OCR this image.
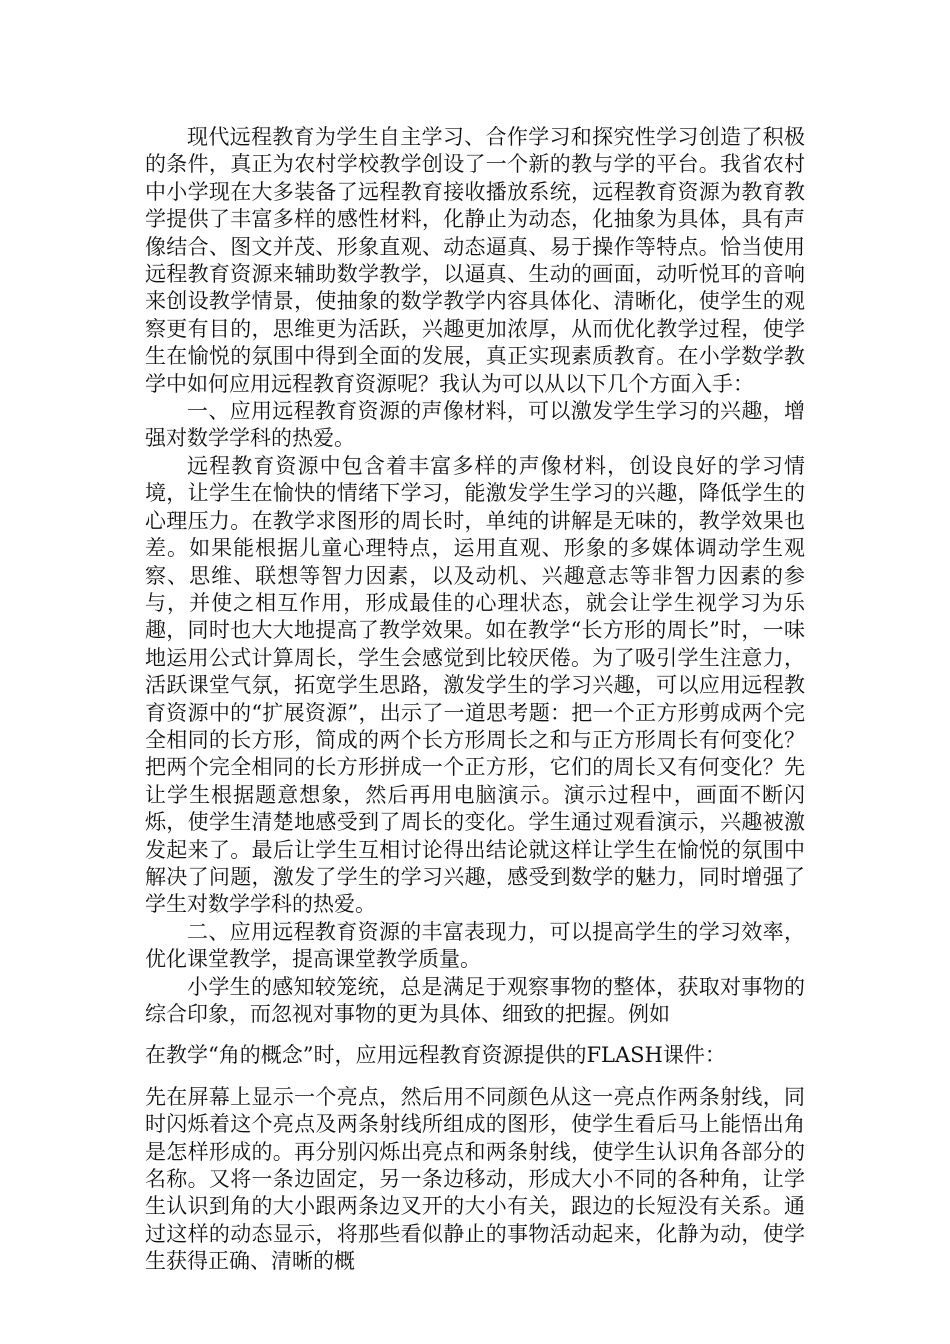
现代远程教育为学生自主学习、合作学习和探究性学习创造了积极的条件，真正为农村学校教学创设了一个新的教与学的平台。我省农村中小学现在大多装备了远程教育接收播放系统，远程教育资源为教育教学提供了丰富多样的感性材料，化静止为动态，化抽象为具体，具有声像结合、图文并茂、形象直观、动态逼真、易于操作等特点。恰当使用远程教育资源来辅助数学教学，以逼真、生动的画面，动听悦耳的音响来创设教学情景，使抽象的数学教学内容具体化、清晰化，使学生的观察更有目的，思维更为活跃，兴趣更加浓厚，从而优化教学过程，使学生在愉悦的氛围中得到全面的发展，真正实现素质教育。在小学数学教学中如何应用远程教育资源呢？我认为可以从以下几个方面入手：

一、应用远程教育资源的声像材料，可以激发学生学习的兴趣，增强对数学学科的热爱。

远程教育资源中包含着丰富多样的声像材料，创设良好的学习情境，让学生在愉快的情绪下学习，能激发学生学习的兴趣，降低学生的心理压力。在教学求图形的周长时，单纯的讲解是无味的，教学效果也差。如果能根据儿童心理特点，运用直观、形象的多媒体调动学生观察、思维、联想等智力因素，以及动机、兴趣意志等非智力因素的参与，并使之相互作用，形成最佳的心理状态，就会让学生视学习为乐趣，同时也大大地提高了教学效果。如在教学“长方形的周长”时，一味地运用公式计算周长，学生会感觉到比较厌倦。为了吸引学生注意力，活跃课堂气氛，拓宽学生思路，激发学生的学习兴趣，可以应用远程教育资源中的“扩展资源”，出示了一道思考题：把一个正方形剪成两个完全相同的长方形，简成的两个长方形周长之和与正方形周长有何变化？把两个完全相同的长方形拼成一个正方形，它们的周长又有何变化？先让学生根据题意想象，然后再用电脑演示。演示过程中，画面不断闪烁，使学生清楚地感受到了周长的变化。学生通过观看演示，兴趣被激发起来了。最后让学生互相讨论得出结论就这样让学生在愉悦的氛围中解决了问题，激发了学生的学习兴趣，感受到数学的魅力，同时增强了学生对数学学科的热爱。

二、应用远程教育资源的丰富表现力，可以提高学生的学习效率，优化课堂教学，提高课堂教学质量。

小学生的感知较笼统，总是满足于观察事物的整体，获取对事物的综合印象，而忽视对事物的更为具体、细致的把握。例如

在教学“角的概念”时，应用远程教育资源提供的FLASH课件：

先在屏幕上显示一个亮点，然后用不同颜色从这一亮点作两条射线，同时闪烁着这个亮点及两条射线所组成的图形，使学生看后马上能悟出角是怎样形成的。再分别闪烁出亮点和两条射线，使学生认识角各部分的名称。又将一条边固定，另一条边移动，形成大小不同的各种角，让学生认识到角的大小跟两条边叉开的大小有关，跟边的长短没有关系。通过这样的动态显示，将那些看似静止的事物活动起来，化静为动，使学生获得正确、清晰的概
